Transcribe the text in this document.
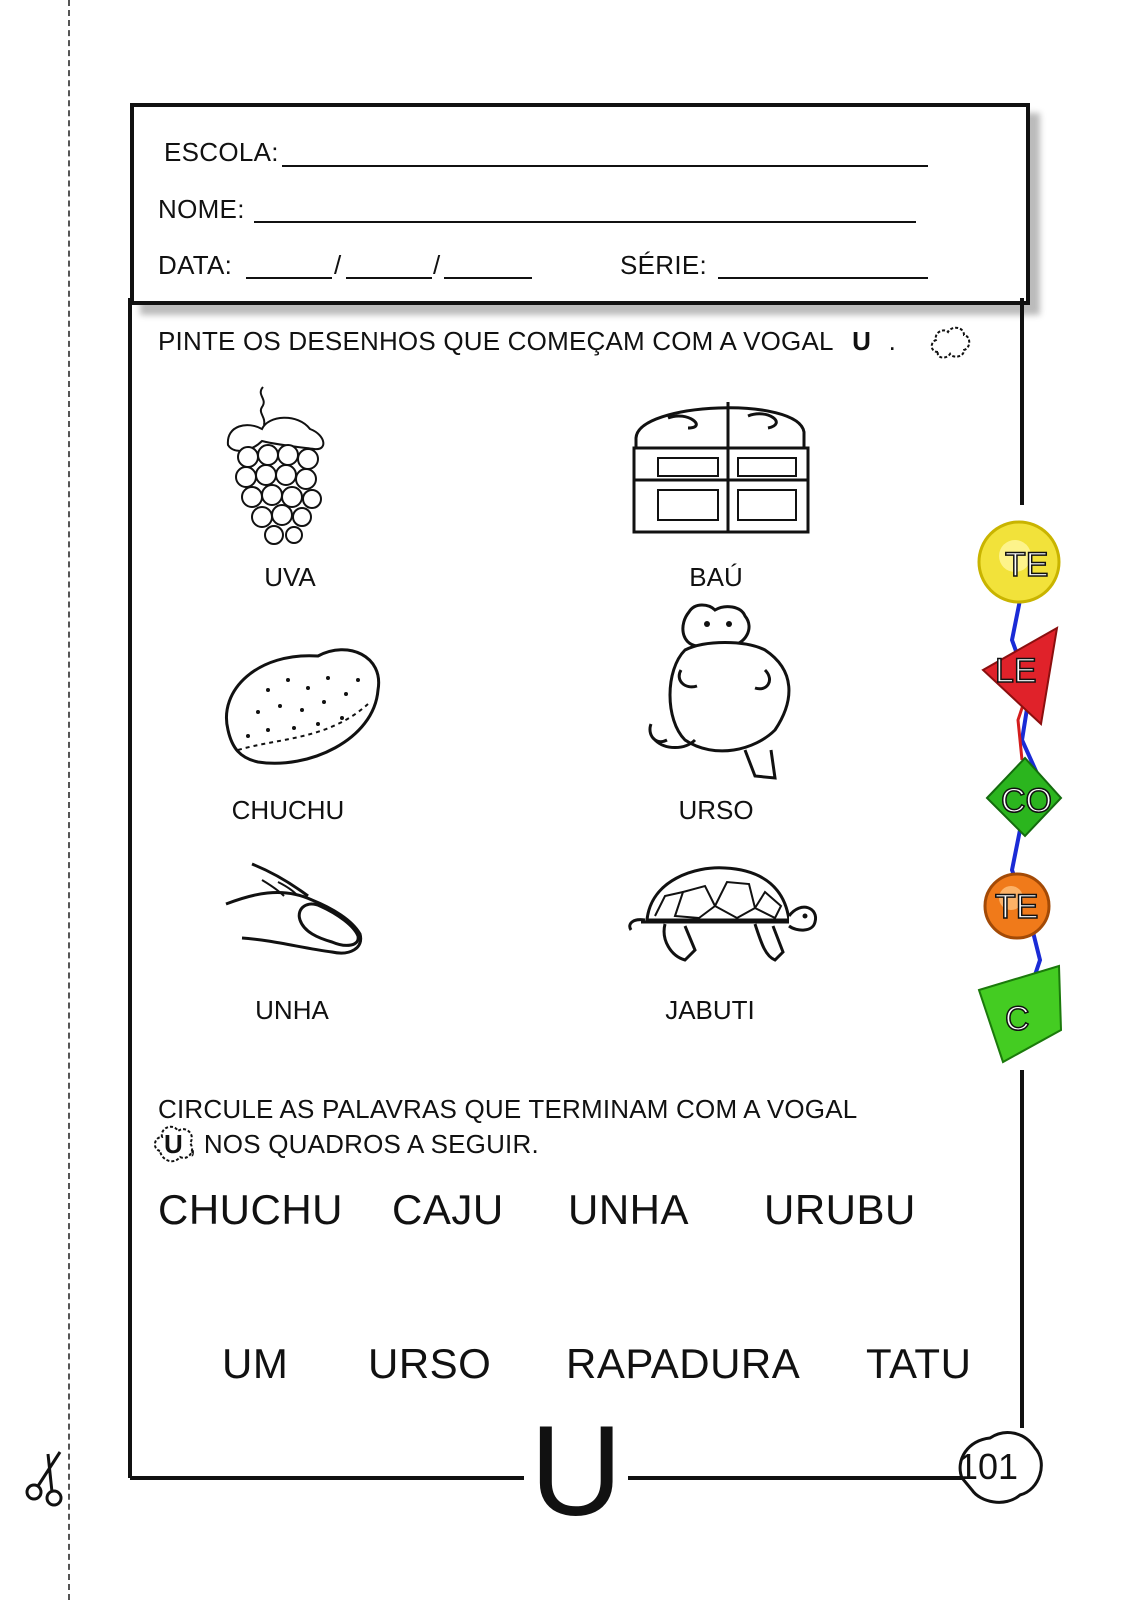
ESCOLA:
NOME:
DATA:	/	/	SÉRIE:
PINTE OS DESENHOS QUE COMEÇAM COM A VOGAL U .
UVA	BAÚ
CHUCHU	URSO
UNHA	JABUTI
CIRCULE AS PALAVRAS QUE TERMINAM COM A VOGAL
U , NOS QUADROS A SEGUIR.
CHUCHU CAJU UNHA URUBU
UM URSO RAPADURA TATU
U	101
TE
LE
CO
TE
C
